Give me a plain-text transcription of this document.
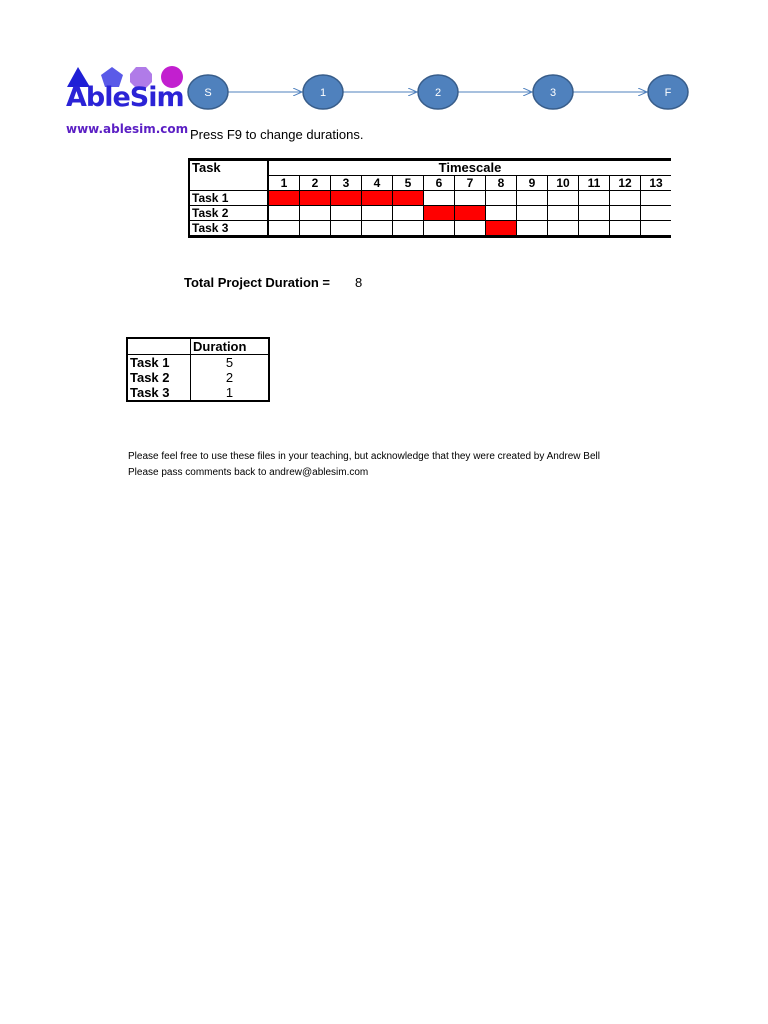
AbleSim
www.ablesim.com
S	1	2	3	F
Press F9 to change durations.
Task	Timescale												
	1	2	3	4	5	6	7	8	9	10	11	12	13
Task 1													
Task 2													
Task 3													
Total Project Duration = 8
	Duration
Task 1	5
Task 2	2
Task 3	1
Please feel free to use these files in your teaching, but acknowledge that they were created by Andrew Bell
Please pass comments back to andrew@ablesim.com
